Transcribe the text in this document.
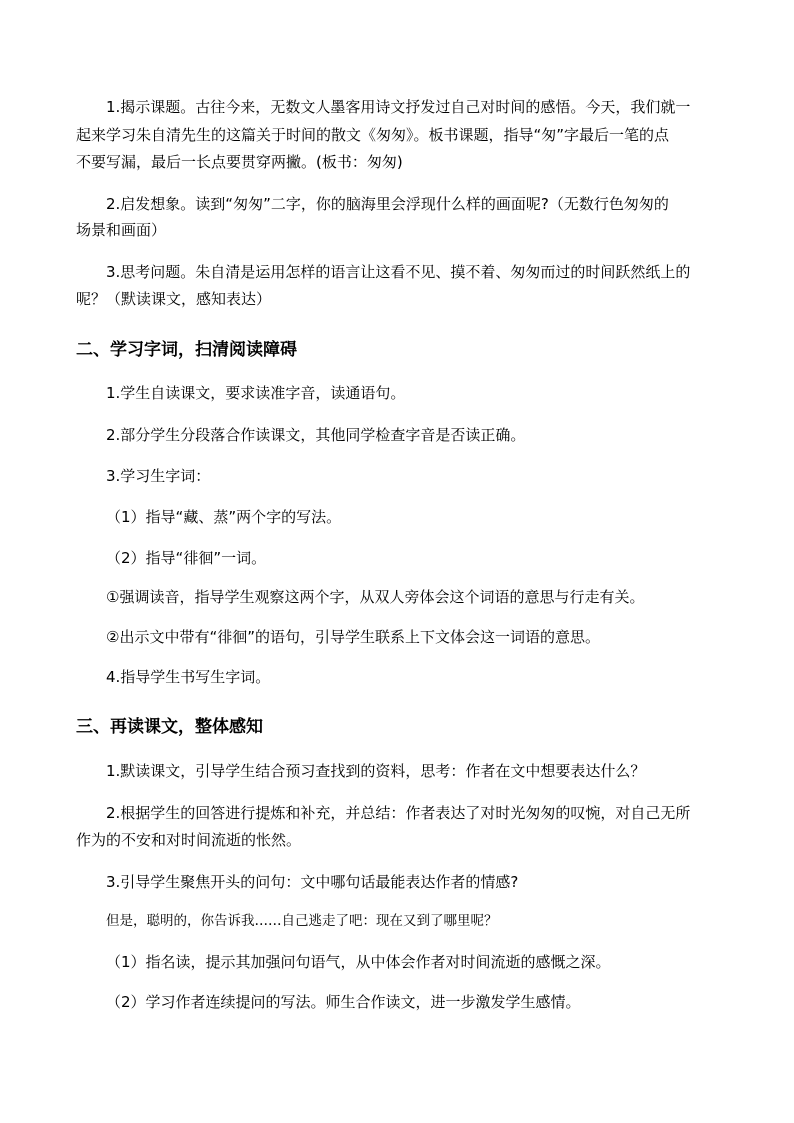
1.揭示课题。古往今来，无数文人墨客用诗文抒发过自己对时间的感悟。今天，我们就一

起来学习朱自清先生的这篇关于时间的散文《匆匆》。板书课题，指导“匆”字最后一笔的点

不要写漏，最后一长点要贯穿两撇。(板书：匆匆)

2.启发想象。读到“匆匆”二字，你的脑海里会浮现什么样的画面呢?（无数行色匆匆的

场景和画面）

3.思考问题。朱自清是运用怎样的语言让这看不见、摸不着、匆匆而过的时间跃然纸上的

呢？（默读课文，感知表达）

二、学习字词，扫清阅读障碍

1.学生自读课文，要求读准字音，读通语句。

2.部分学生分段落合作读课文，其他同学检查字音是否读正确。

3.学习生字词：

（1）指导“藏、蒸”两个字的写法。

（2）指导“徘徊”一词。

①强调读音，指导学生观察这两个字，从双人旁体会这个词语的意思与行走有关。

②出示文中带有“徘徊”的语句，引导学生联系上下文体会这一词语的意思。

4.指导学生书写生字词。

三、再读课文，整体感知

1.默读课文，引导学生结合预习查找到的资料，思考：作者在文中想要表达什么？

2.根据学生的回答进行提炼和补充，并总结：作者表达了对时光匆匆的叹惋，对自己无所

作为的不安和对时间流逝的怅然。

3.引导学生聚焦开头的问句：文中哪句话最能表达作者的情感?

但是，聪明的，你告诉我……自己逃走了吧：现在又到了哪里呢？

（1）指名读，提示其加强问句语气，从中体会作者对时间流逝的感慨之深。

（2）学习作者连续提问的写法。师生合作读文，进一步激发学生感情。
